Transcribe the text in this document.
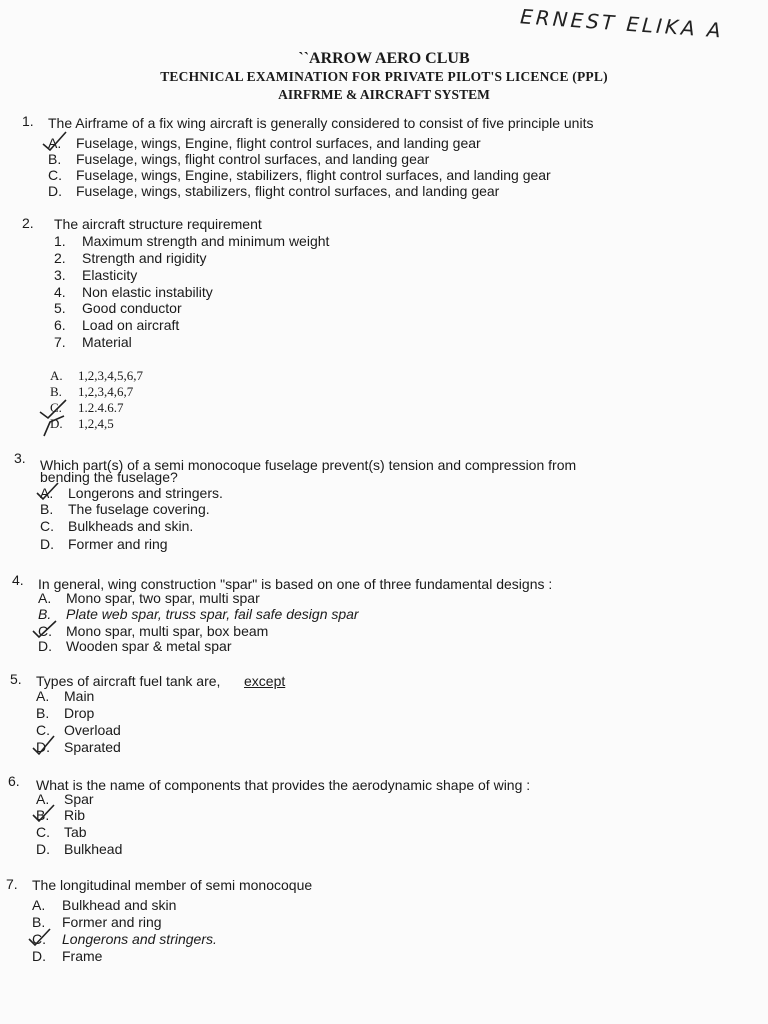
ERNEST ELIKA A
``ARROW AERO CLUB
TECHNICAL EXAMINATION FOR PRIVATE PILOT'S LICENCE (PPL)
AIRFRME & AIRCRAFT SYSTEM
1. The Airframe of a fix wing aircraft is generally considered to consist of five principle units
A. Fuselage, wings, Engine, flight control surfaces, and landing gear
B. Fuselage, wings, flight control surfaces, and landing gear
C. Fuselage, wings, Engine, stabilizers, flight control surfaces, and landing gear
D. Fuselage, wings, stabilizers, flight control surfaces, and landing gear
2. The aircraft structure requirement
1. Maximum strength and minimum weight
2. Strength and rigidity
3. Elasticity
4. Non elastic instability
5. Good conductor
6. Load on aircraft
7. Material
A. 1,2,3,4,5,6,7
B. 1,2,3,4,6,7
C. 1.2.4.6.7
D. 1,2,4,5
3. Which part(s) of a semi monocoque fuselage prevent(s) tension and compression from
bending the fuselage?
A. Longerons and stringers.
B. The fuselage covering.
C. Bulkheads and skin.
D. Former and ring
4. In general, wing construction "spar" is based on one of three fundamental designs :
A. Mono spar, two spar, multi spar
B. Plate web spar, truss spar, fail safe design spar
C. Mono spar, multi spar, box beam
D. Wooden spar & metal spar
5. Types of aircraft fuel tank are, except
A. Main
B. Drop
C. Overload
D. Sparated
6. What is the name of components that provides the aerodynamic shape of wing :
A. Spar
B. Rib
C. Tab
D. Bulkhead
7. The longitudinal member of semi monocoque
A. Bulkhead and skin
B. Former and ring
C. Longerons and stringers.
D. Frame
